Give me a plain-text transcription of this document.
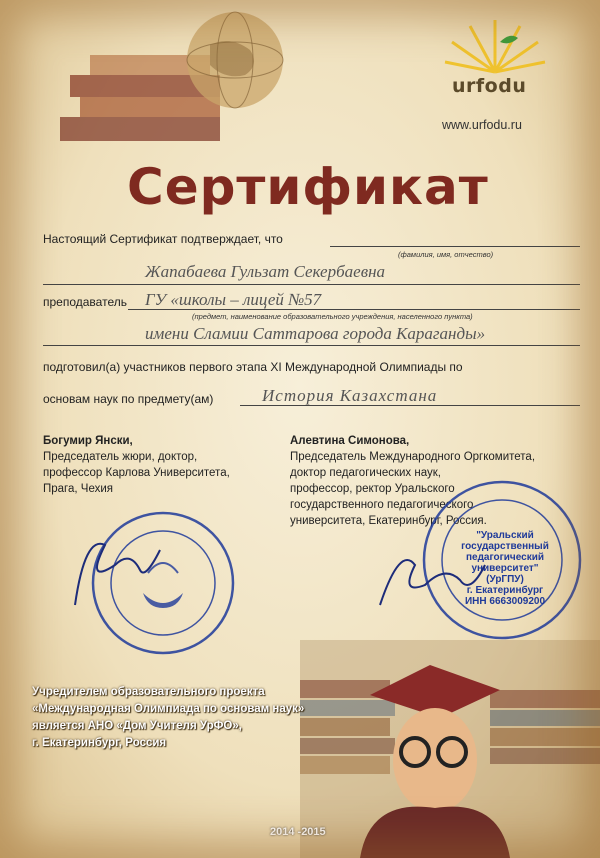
urfodu
www.urfodu.ru
Сертификат
Настоящий Сертификат подтверждает, что
(фамилия, имя, отчество)
Жапабаева Гульзат Секербаевна
преподаватель ГУ «школы – лицей №57
(предмет, наименование образовательного учреждения, населенного пункта)
имени Сламии Саттарова города Караганды»
подготовил(а) участников первого этапа XI Международной Олимпиады по
основам наук по предмету(ам)	История Казахстана
Богумир Янски,
Председатель жюри, доктор,
профессор Карлова Университета,
Прага, Чехия
Алевтина Симонова,
Председатель Международного Оргкомитета,
доктор педагогических наук,
профессор, ректор Уральского
государственного педагогического
университета, Екатеринбург, Россия.
"Уральский
государственный
педагогический
университет"
(УрГПУ)
г. Екатеринбург
ИНН 6663009200
2014 -2015
Учредителем образовательного проекта
«Международная Олимпиада по основам наук»
является АНО «Дом Учителя УрФО»,
г. Екатеринбург, Россия
